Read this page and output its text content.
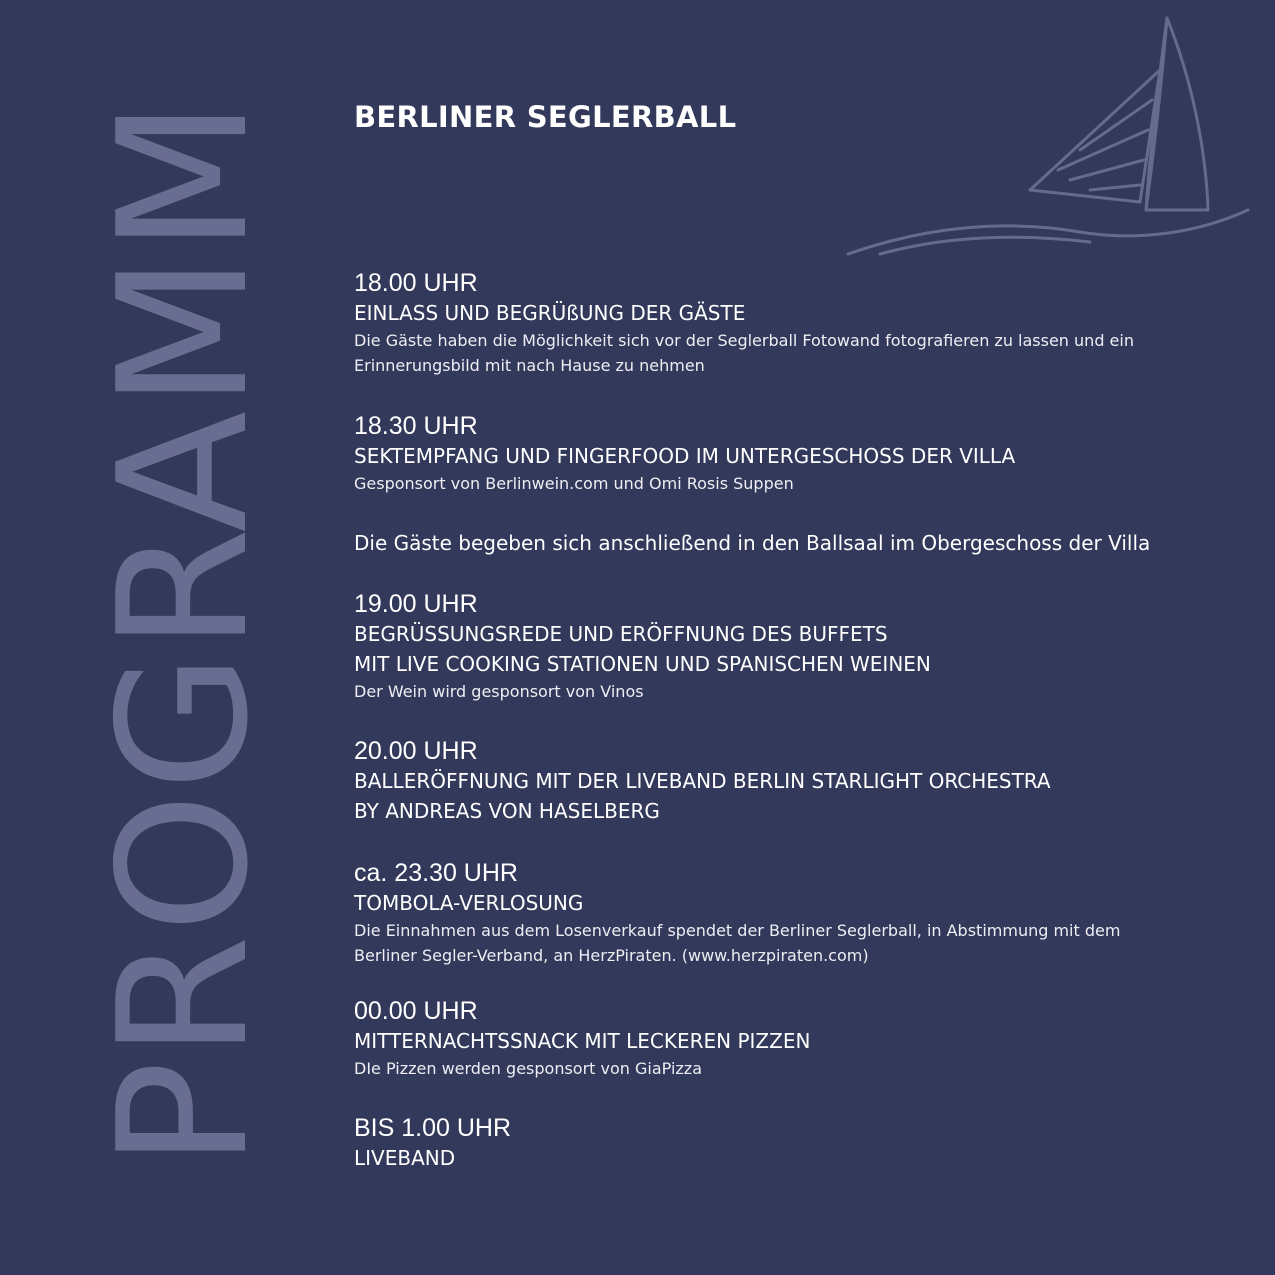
PROGRAMM BERLINER SEGLERBALL
18.00 UHR
EINLASS UND BEGRÜßUNG DER GÄSTE
Die Gäste haben die Möglichkeit sich vor der Seglerball Fotowand fotografieren zu lassen und ein
Erinnerungsbild mit nach Hause zu nehmen
18.30 UHR
SEKTEMPFANG UND FINGERFOOD IM UNTERGESCHOSS DER VILLA
Gesponsort von Berlinwein.com und Omi Rosis Suppen
Die Gäste begeben sich anschließend in den Ballsaal im Obergeschoss der Villa
19.00 UHR
BEGRÜSSUNGSREDE UND ERÖFFNUNG DES BUFFETS
MIT LIVE COOKING STATIONEN UND SPANISCHEN WEINEN
Der Wein wird gesponsort von Vinos
20.00 UHR
BALLERÖFFNUNG MIT DER LIVEBAND BERLIN STARLIGHT ORCHESTRA
BY ANDREAS VON HASELBERG
ca. 23.30 UHR
TOMBOLA-VERLOSUNG
Die Einnahmen aus dem Losenverkauf spendet der Berliner Seglerball, in Abstimmung mit dem
Berliner Segler-Verband, an HerzPiraten. (www.herzpiraten.com)
00.00 UHR
MITTERNACHTSSNACK MIT LECKEREN PIZZEN
DIe Pizzen werden gesponsort von GiaPizza
BIS 1.00 UHR
LIVEBAND
